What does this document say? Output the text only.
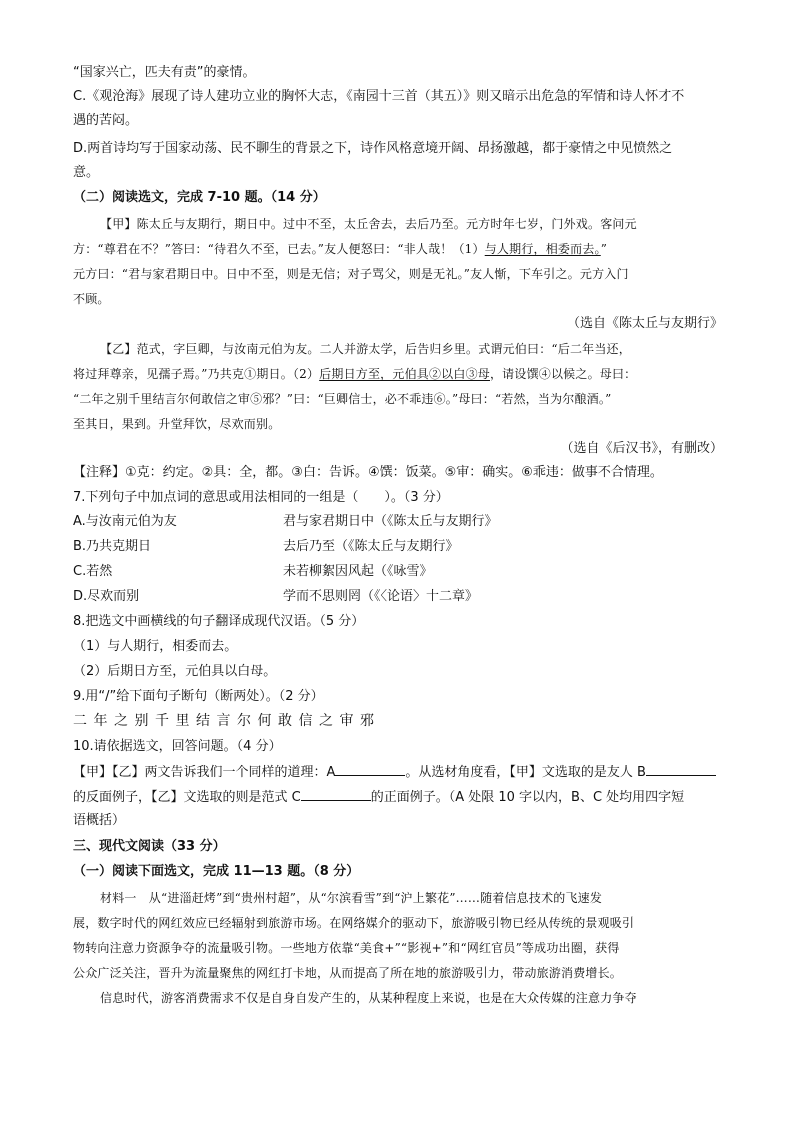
“国家兴亡，匹夫有责”的豪情。
C.《观沧海》展现了诗人建功立业的胸怀大志，《南园十三首（其五）》则又暗示出危急的军情和诗人怀才不
遇的苦闷。
D.两首诗均写于国家动荡、民不聊生的背景之下，诗作风格意境开阔、昂扬激越，都于豪情之中见愤然之
意。
（二）阅读选文，完成 7-10 题。（14 分）
【甲】陈太丘与友期行，期日中。过中不至，太丘舍去，去后乃至。元方时年七岁，门外戏。客问元
方：“尊君在不？”答曰：“待君久不至，已去。”友人便怒曰：“非人哉！（1）与人期行，相委而去。”
元方曰：“君与家君期日中。日中不至，则是无信；对子骂父，则是无礼。”友人惭，下车引之。元方入门
不顾。
（选自《陈太丘与友期行》
【乙】范式，字巨卿，与汝南元伯为友。二人并游太学，后告归乡里。式谓元伯曰：“后二年当还，
将过拜尊亲，见孺子焉。”乃共克①期日。（2）后期日方至，元伯具②以白③母，请设馔④以候之。母曰：
“二年之别千里结言尔何敢信之审⑤邪？”曰：“巨卿信士，必不乖违⑥。”母曰：“若然，当为尔酿酒。”
至其日，果到。升堂拜饮，尽欢而别。
（选自《后汉书》，有删改）
【注释】①克：约定。②具：全，都。③白：告诉。④馔：饭菜。⑤审：确实。⑥乖违：做事不合情理。
7.下列句子中加点词的意思或用法相同的一组是（　　）。（3 分）
A.与汝南元伯为友	君与家君期日中（《陈太丘与友期行》
B.乃共克期日	去后乃至（《陈太丘与友期行》
C.若然	未若柳絮因风起（《咏雪》
D.尽欢而别	学而不思则罔（《〈论语〉十二章》
8.把选文中画横线的句子翻译成现代汉语。（5 分）
（1）与人期行，相委而去。
（2）后期日方至，元伯具以白母。
9.用“/”给下面句子断句（断两处）。（2 分）
二年之别千里结言尔何敢信之审邪
10.请依据选文，回答问题。（4 分）
【甲】【乙】两文告诉我们一个同样的道理：A	。从选材角度看，【甲】文选取的是友人 B
的反面例子，【乙】文选取的则是范式 C	的正面例子。（A 处限 10 字以内，B、C 处均用四字短
语概括）
三、现代文阅读（33 分）
（一）阅读下面选文，完成 11—13 题。（8 分）
材料一　从“进淄赶烤”到“贵州村超”，从“尔滨看雪”到“沪上繁花”……随着信息技术的飞速发
展，数字时代的网红效应已经辐射到旅游市场。在网络媒介的驱动下，旅游吸引物已经从传统的景观吸引
物转向注意力资源争夺的流量吸引物。一些地方依靠“美食+”“影视+”和“网红官员”等成功出圈，获得
公众广泛关注，晋升为流量聚焦的网红打卡地，从而提高了所在地的旅游吸引力，带动旅游消费增长。
信息时代，游客消费需求不仅是自身自发产生的，从某种程度上来说，也是在大众传媒的注意力争夺
